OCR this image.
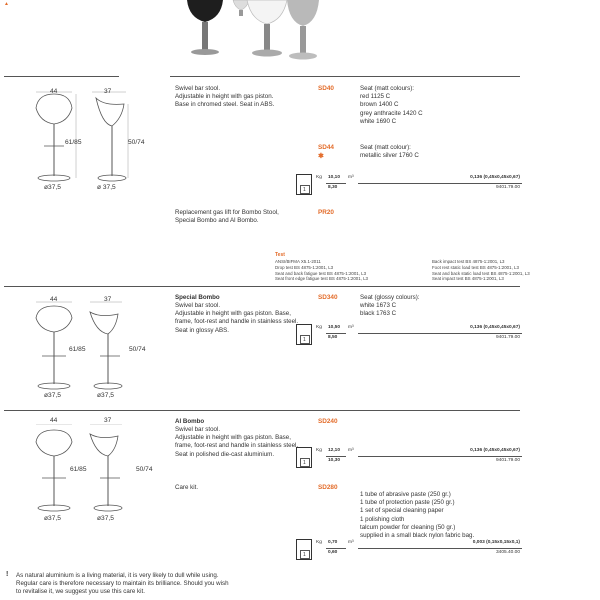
▲
44	37
61/85	50/74
ø37,5	ø 37,5
Swivel bar stool.
Adjustable in height with gas piston.
Base in chromed steel. Seat in ABS.
SD40	Seat (matt colours):
red 1125 C
brown 1400 C
grey anthracite 1420 C
white 1690 C
SD44
✱
Seat (matt colour):
metallic silver 1760 C
1
Kg	10,10
8,30
m³	0,136 (0,45x0,45x0,67)
9401.79.00
Replacement gas lift for Bombo Stool,
Special Bombo and Al Bombo.
PR20
Test
ANSI/BIFMA X5.1-2011
Drop test BS 4875-1:2001, L3
Seat and back fatigue test BS 4875-1:2001, L3
Seat front edge fatigue test BS 4875-1:2001, L3
Back impact test BS 4875-1:2001, L3
Foot rest static load test BS 4875-1:2001, L3
Seat and back static load test BS 4875-1:2001, L3
Seat impact test BS 4875-1:2001, L3
44	37
61/85	50/74
ø37,5	ø37,5
Special Bombo
Swivel bar stool.
Adjustable in height with gas piston. Base,
frame, foot-rest and handle in stainless steel.
Seat in glossy ABS.
SD340	Seat (glossy colours):
white 1673 C
black 1763 C
1
Kg	10,50
8,50
m³	0,136 (0,45x0,45x0,67)
9401.79.00
44	37
61/85	50/74
ø37,5	ø37,5
Al Bombo
Swivel bar stool.
Adjustable in height with gas piston. Base,
frame, foot-rest and handle in stainless steel.
Seat in polished die-cast aluminium.
SD240
1
Kg	12,10
10,30
m³	0,136 (0,45x0,45x0,67)
9401.79.00
Care kit.	SD280
1 tube of abrasive paste (250 gr.)
1 tube of protection paste (250 gr.)
1 set of special cleaning paper
1 polishing cloth
talcum powder for cleaning (50 gr.)
supplied in a small black nylon fabric bag.
1
Kg	0,70
0,60
m³	0,003 (0,15x0,15x0,1)
3405.40.00
! As natural aluminium is a living material, it is very likely to dull while using.
Regular care is therefore necessary to maintain its brilliance. Should you wish
to revitalise it, we suggest you use this care kit.
